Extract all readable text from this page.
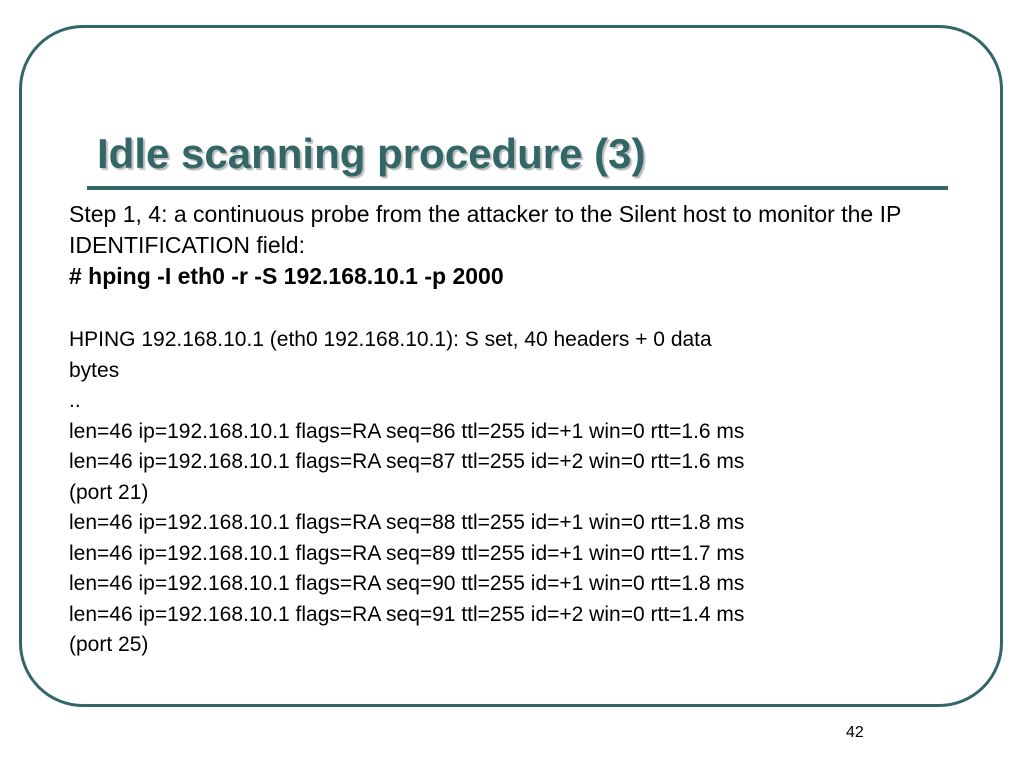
Idle scanning procedure (3)

Step 1, 4: a continuous probe from the attacker to the Silent host to monitor the IP IDENTIFICATION field:

# hping -I eth0 -r -S 192.168.10.1 -p 2000

HPING 192.168.10.1 (eth0 192.168.10.1): S set, 40 headers + 0 data
bytes
..
len=46 ip=192.168.10.1 flags=RA seq=86 ttl=255 id=+1 win=0 rtt=1.6 ms
len=46 ip=192.168.10.1 flags=RA seq=87 ttl=255 id=+2 win=0 rtt=1.6 ms
(port 21)
len=46 ip=192.168.10.1 flags=RA seq=88 ttl=255 id=+1 win=0 rtt=1.8 ms
len=46 ip=192.168.10.1 flags=RA seq=89 ttl=255 id=+1 win=0 rtt=1.7 ms
len=46 ip=192.168.10.1 flags=RA seq=90 ttl=255 id=+1 win=0 rtt=1.8 ms
len=46 ip=192.168.10.1 flags=RA seq=91 ttl=255 id=+2 win=0 rtt=1.4 ms
(port 25)
42
